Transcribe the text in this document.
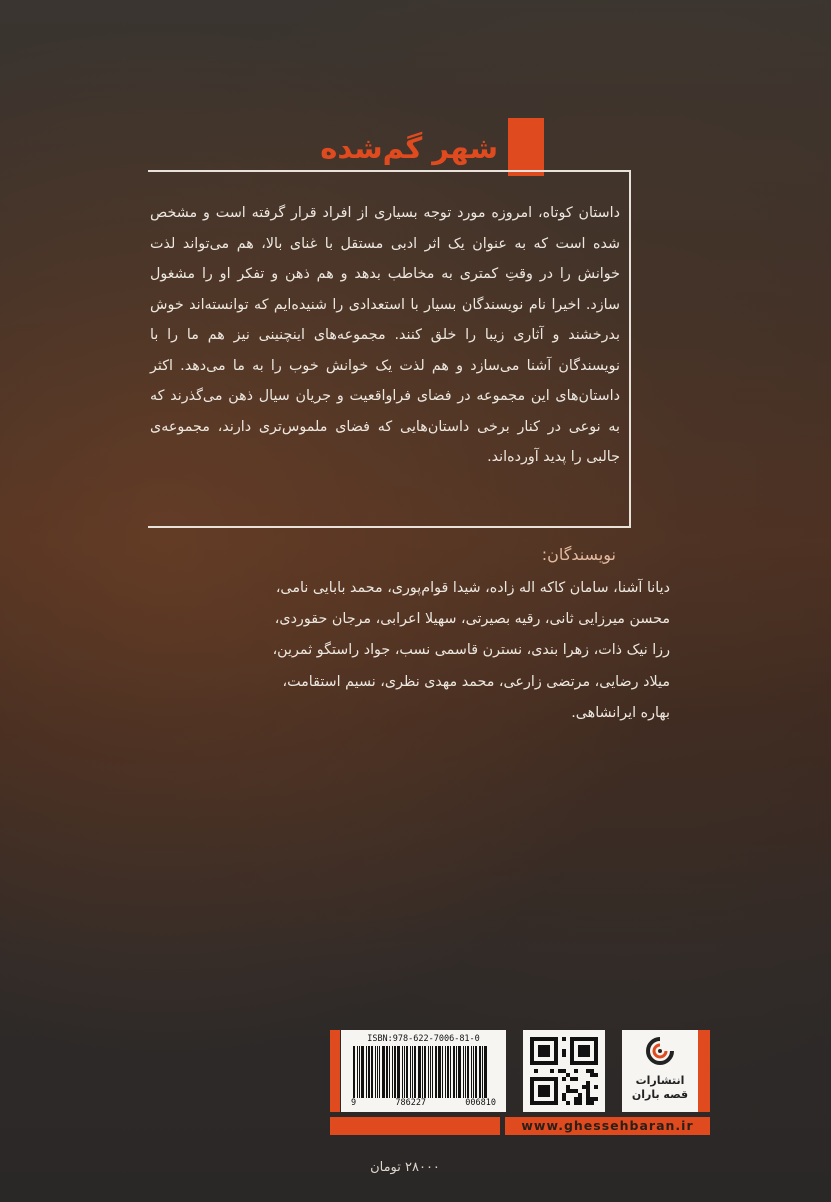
شهر گم‌شده
داستان کوتاه، امروزه مورد توجه بسیاری از افراد قرار گرفته است و مشخص شده است که به عنوان یک اثر ادبی مستقل با غنای بالا، هم می‌تواند لذت خوانش را در وقتِ کمتری به مخاطب بدهد و هم ذهن و تفکر او را مشغول سازد. اخیرا نام نویسندگان بسیار با استعدادی را شنیده‌ایم که توانسته‌اند خوش بدرخشند و آثاری زیبا را خلق کنند. مجموعه‌های اینچنینی نیز هم ما را با نویسندگان آشنا می‌سازد و هم لذت یک خوانش خوب را به ما می‌دهد. اکثر داستان‌های این مجموعه در فضای فراواقعیت و جریان سیال ذهن می‌گذرند که به نوعی در کنار برخی داستان‌هایی که فضای ملموس‌تری دارند، مجموعه‌ی جالبی را پدید آورده‌اند.
نویسندگان:
دیانا آشنا، سامان کاکه اله زاده، شیدا قوام‌پوری، محمد بابایی نامی،
محسن میرزایی ثانی، رقیه بصیرتی، سهیلا اعرابی، مرجان حقوردی،
رزا نیک ذات، زهرا بندی، نسترن قاسمی نسب، جواد راستگو ثمرین،
میلاد رضایی، مرتضی زارعی، محمد مهدی نظری، نسیم استقامت،
بهاره ایرانشاهی.
ISBN:978-622-7006-81-0
9	786227	006810
انتشارات
قصه باران
www.ghessehbaran.ir
۲۸۰۰۰ تومان
